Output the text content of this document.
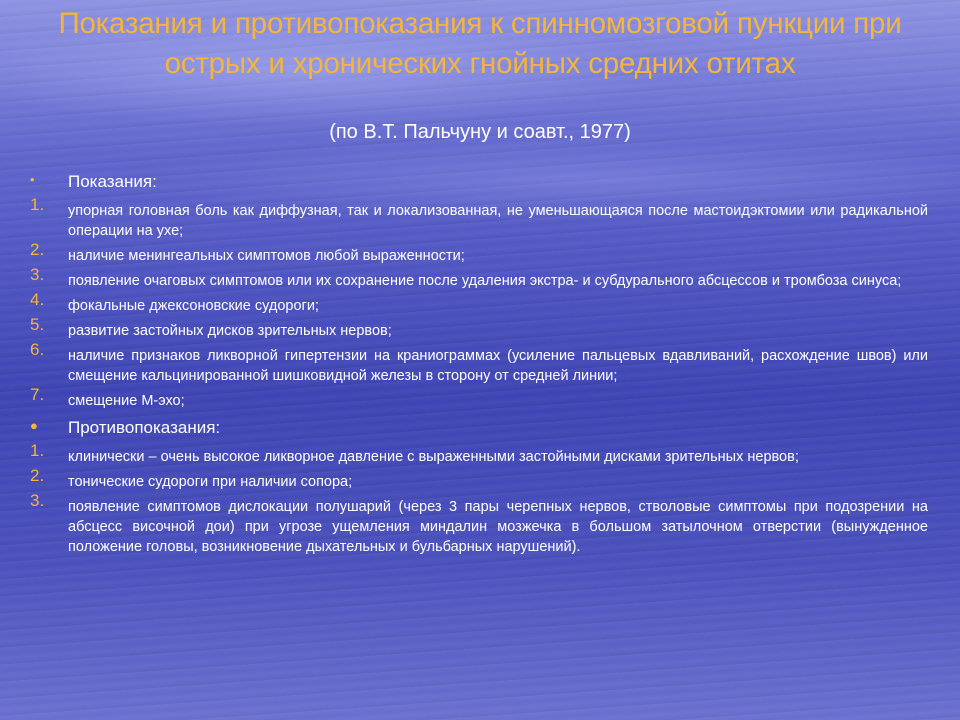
Показания и противопоказания к спинномозговой пункции при острых и хронических гнойных средних отитах
(по В.Т. Пальчуну и соавт., 1977)
• Показания:
1. упорная головная боль как диффузная, так и локализованная, не уменьшающаяся после мастоидэктомии или радикальной операции на ухе;
2. наличие менингеальных симптомов любой выраженности;
3. появление очаговых симптомов или их сохранение после удаления экстра- и субдурального абсцессов и тромбоза синуса;
4. фокальные джексоновские судороги;
5. развитие застойных дисков зрительных нервов;
6. наличие признаков ликворной гипертензии на краниограммах (усиление пальцевых вдавливаний, расхождение швов) или смещение кальцинированной шишковидной железы в сторону от средней линии;
7. смещение М-эхо;
● Противопоказания:
1. клинически – очень высокое ликворное давление с выраженными застойными дисками зрительных нервов;
2. тонические судороги при наличии сопора;
3. появление симптомов дислокации полушарий (через 3 пары черепных нервов, стволовые симптомы при подозрении на абсцесс височной дои) при угрозе ущемления миндалин мозжечка в большом затылочном отверстии (вынужденное положение головы, возникновение дыхательных и бульбарных нарушений).
